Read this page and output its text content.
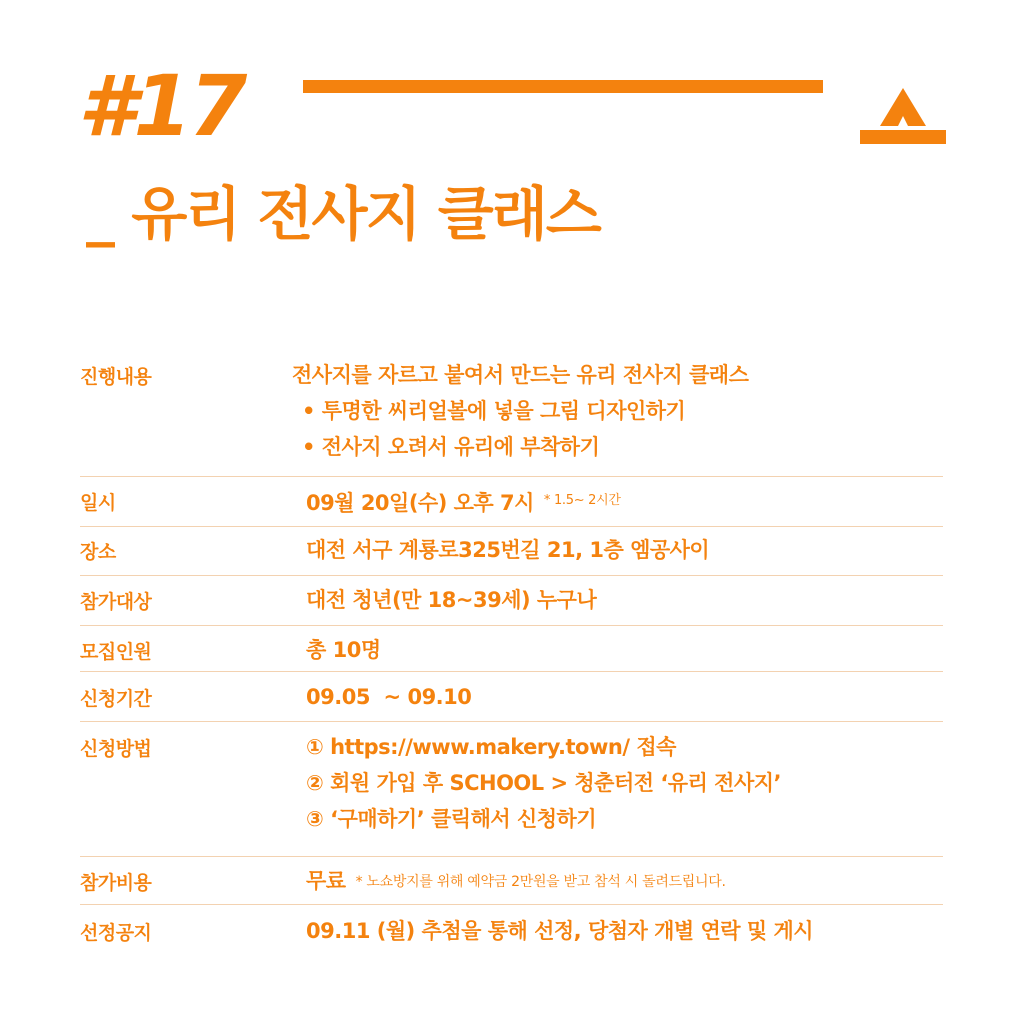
#17
_ 유리 전사지 클래스
진행내용	전사지를 자르고 붙여서 만드는 유리 전사지 클래스
• 투명한 씨리얼볼에 넣을 그림 디자인하기
• 전사지 오려서 유리에 부착하기
일시	09월 20일(수) 오후 7시 $^{* 1.5\sim 2시간}$
장소	대전 서구 계룡로325번길 21, 1층 엠공사이
참가대상	대전 청년(만 18~39세) 누구나
모집인원	총 10명
신청기간	09.05  ~ 09.10
신청방법	① https://www.makery.town/ 접속
② 회원 가입 후 SCHOOL > 청춘터전 ‘유리 전사지’
③ ‘구매하기’ 클릭해서 신청하기
참가비용	무료 * 노쇼방지를 위해 예약금 2만원을 받고 참석 시 돌려드립니다.
선정공지	09.11 (월) 추첨을 통해 선정, 당첨자 개별 연락 및 게시
